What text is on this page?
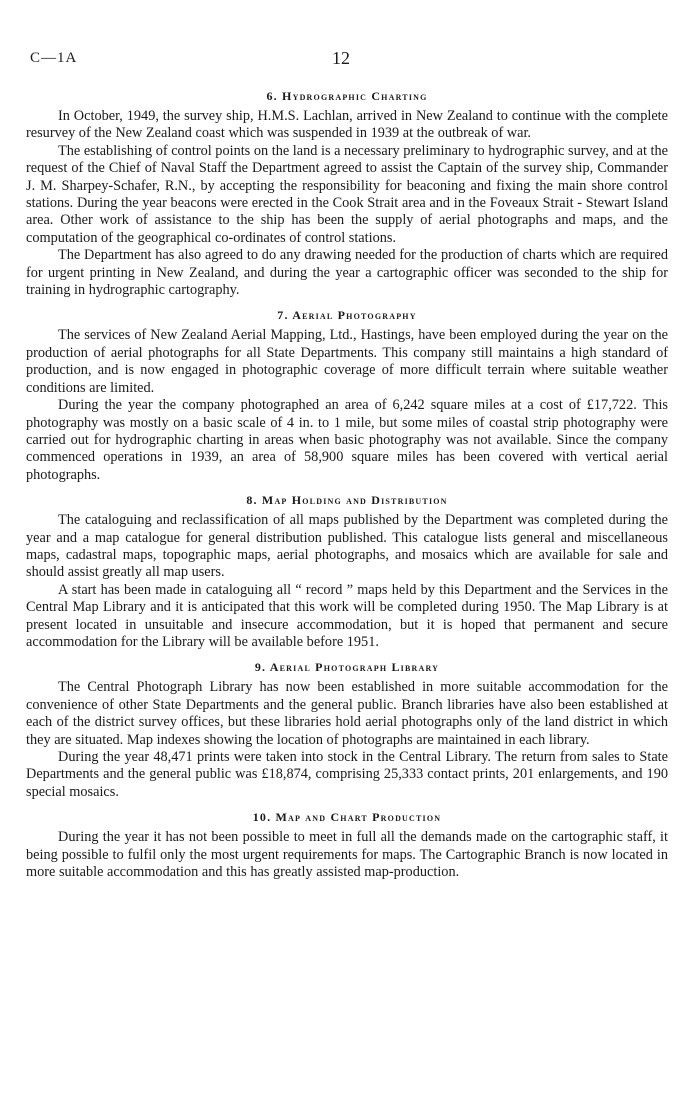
C—1A	12
6. Hydrographic Charting

In October, 1949, the survey ship, H.M.S. Lachlan, arrived in New Zealand to continue with the complete resurvey of the New Zealand coast which was suspended in 1939 at the outbreak of war.

The establishing of control points on the land is a necessary preliminary to hydrographic survey, and at the request of the Chief of Naval Staff the Department agreed to assist the Captain of the survey ship, Commander J. M. Sharpey-Schafer, R.N., by accepting the responsibility for beaconing and fixing the main shore control stations. During the year beacons were erected in the Cook Strait area and in the Foveaux Strait - Stewart Island area. Other work of assistance to the ship has been the supply of aerial photographs and maps, and the computation of the geographical co-ordinates of control stations.

The Department has also agreed to do any drawing needed for the production of charts which are required for urgent printing in New Zealand, and during the year a cartographic officer was seconded to the ship for training in hydrographic cartography.

7. Aerial Photography

The services of New Zealand Aerial Mapping, Ltd., Hastings, have been employed during the year on the production of aerial photographs for all State Departments. This company still maintains a high standard of production, and is now engaged in photographic coverage of more difficult terrain where suitable weather conditions are limited.

During the year the company photographed an area of 6,242 square miles at a cost of £17,722. This photography was mostly on a basic scale of 4 in. to 1 mile, but some miles of coastal strip photography were carried out for hydrographic charting in areas when basic photography was not available. Since the company commenced operations in 1939, an area of 58,900 square miles has been covered with vertical aerial photographs.

8. Map Holding and Distribution

The cataloguing and reclassification of all maps published by the Department was completed during the year and a map catalogue for general distribution published. This catalogue lists general and miscellaneous maps, cadastral maps, topographic maps, aerial photographs, and mosaics which are available for sale and should assist greatly all map users.

A start has been made in cataloguing all “ record ” maps held by this Department and the Services in the Central Map Library and it is anticipated that this work will be completed during 1950. The Map Library is at present located in unsuitable and insecure accommodation, but it is hoped that permanent and secure accommodation for the Library will be available before 1951.

9. Aerial Photograph Library

The Central Photograph Library has now been established in more suitable accommodation for the convenience of other State Departments and the general public. Branch libraries have also been established at each of the district survey offices, but these libraries hold aerial photographs only of the land district in which they are situated. Map indexes showing the location of photographs are maintained in each library.

During the year 48,471 prints were taken into stock in the Central Library. The return from sales to State Departments and the general public was £18,874, comprising 25,333 contact prints, 201 enlargements, and 190 special mosaics.

10. Map and Chart Production

During the year it has not been possible to meet in full all the demands made on the cartographic staff, it being possible to fulfil only the most urgent requirements for maps. The Cartographic Branch is now located in more suitable accommodation and this has greatly assisted map-production.
